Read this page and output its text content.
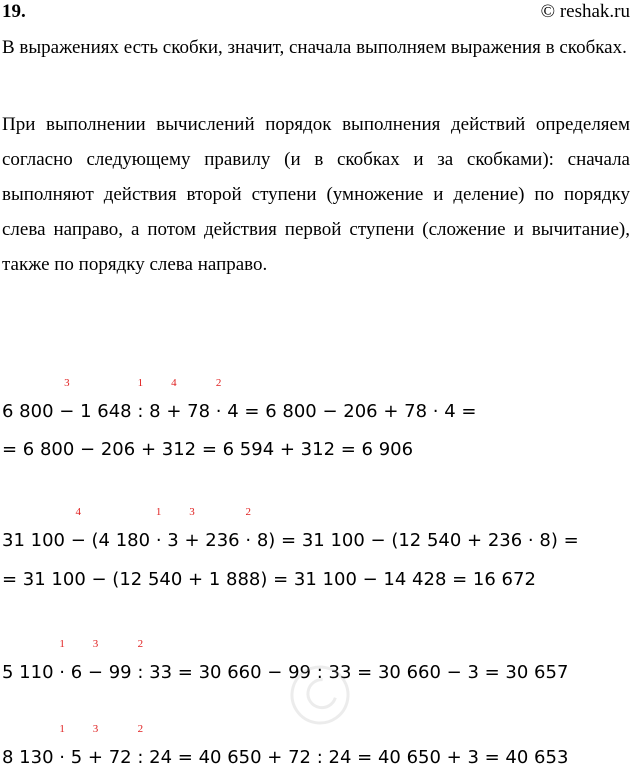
19.	© reshak.ru

В выражениях есть скобки, значит, сначала выполняем выражения в скобках.

При выполнении вычислений порядок выполнения действий определяем согласно следующему правилу (и в скобках и за скобками): сначала выполняют действия второй ступени (умножение и деление) по порядку слева направо, а потом действия первой ступени (сложение и вычитание), также по порядку слева направо.

6 800 −
3
1 648 :
1
8 +
4
78 ·
2
4 = 6 800 − 206 + 78 · 4 =
= 6 800 − 206 + 312 = 6 594 + 312 = 6 906
31 100 −
4
(4 180 ·
1
3 +
3
236 ·
2
8) = 31 100 − (12 540 + 236 · 8) =
= 31 100 − (12 540 + 1 888) = 31 100 − 14 428 = 16 672
5 110 ·
1
6 −
3
99 :
2
33 = 30 660 − 99 : 33 = 30 660 − 3 = 30 657
8 130 ·
1
5 +
3
72 :
2
24 = 40 650 + 72 : 24 = 40 650 + 3 = 40 653
